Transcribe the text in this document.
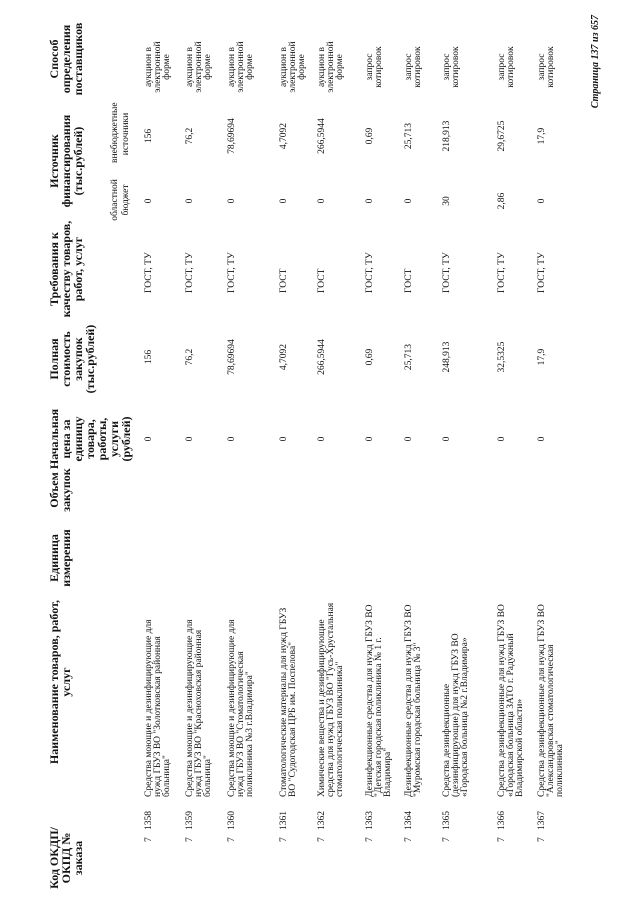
Код ОКДП/ ОКПД № заказа
Наименование товаров, работ, услуг
Единица измерения
Объем закупок
Начальная цена за единицу товара, работы, услуги (рублей)
Полная стоимость закупок (тыс.рублей)
Требования к качеству товаров, работ, услуг
Источник финансирования (тыс.рублей)
областной бюджет
внебюджетные источники
Способ определения поставщиков
7
1358
Средства моющие и дезинфицирующие для нужд ГБУЗ ВО "Золотковская районная больница"
0
156
ГОСТ, ТУ
0
156
аукцион в электронной форме
7
1359
Средства моющие и дезинфицирующие для нужд ГБУЗ ВО "Красноховская районная больница"
0
76,2
ГОСТ, ТУ
0
76,2
аукцион в электронной форме
7
1360
Средства моющие и дезинфицирующие для нужд ГБУЗ ВО "Стоматологическая поликлиника №3 г.Владимира"
0
78,69694
ГОСТ, ТУ
0
78,69694
аукцион в электронной форме
7
1361
Стоматологические материалы для нужд ГБУЗ ВО "Судогодская ЦРБ им. Поспелова"
0
4,7092
ГОСТ
0
4,7092
аукцион в электронной форме
7
1362
Химические вещества и дезинфицирующие средства для нужд ГБУЗ ВО "Гусь-Хрустальная стоматологическая поликлиника"
0
266,5944
ГОСТ
0
266,5944
аукцион в электронной форме
7
1363
Дезинфекционные средства для нужд ГБУЗ ВО "Детская городская поликлиника № 1 г. Владимира"
0
0,69
ГОСТ, ТУ
0
0,69
запрос котировок
7
1364
Дезинфекционные средства для нужд ГБУЗ ВО "Муромская городская больница № 3"
0
25,713
ГОСТ
0
25,713
запрос котировок
7
1365
Средства дезинфекционные (дезинфицирующие) для нужд ГБУЗ ВО «Городская больница №2 г.Владимира»
0
248,913
ГОСТ, ТУ
30
218,913
запрос котировок
7
1366
Средства дезинфекционные для нужд ГБУЗ ВО «Городская больница ЗАТО г. Радужный Владимирской области»
0
32,5325
ГОСТ, ТУ
2,86
29,6725
запрос котировок
7
1367
Средства дезинфекционные для нужд ГБУЗ ВО "Александровская стоматологическая поликлиника"
0
17,9
ГОСТ, ТУ
0
17,9
запрос котировок	Страница 137 из 657
